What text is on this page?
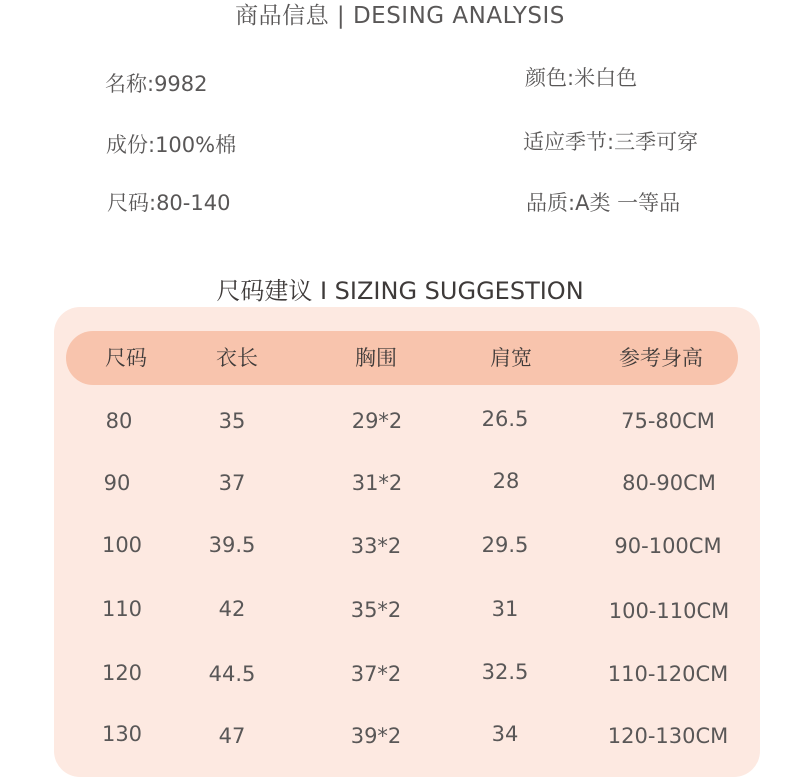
商品信息 | DESING ANALYSIS
名称:9982	颜色:米白色
成份:100%棉	适应季节:三季可穿
尺码:80-140	品质:A类 一等品
尺码建议 I SIZING SUGGESTION
尺码	衣长	胸围	肩宽	参考身高
80	35	29*2	26.5	75-80CM
90	37	31*2	28	80-90CM
100	39.5	33*2	29.5	90-100CM
110	42	35*2	31	100-110CM
120	44.5	37*2	32.5	110-120CM
130	47	39*2	34	120-130CM
